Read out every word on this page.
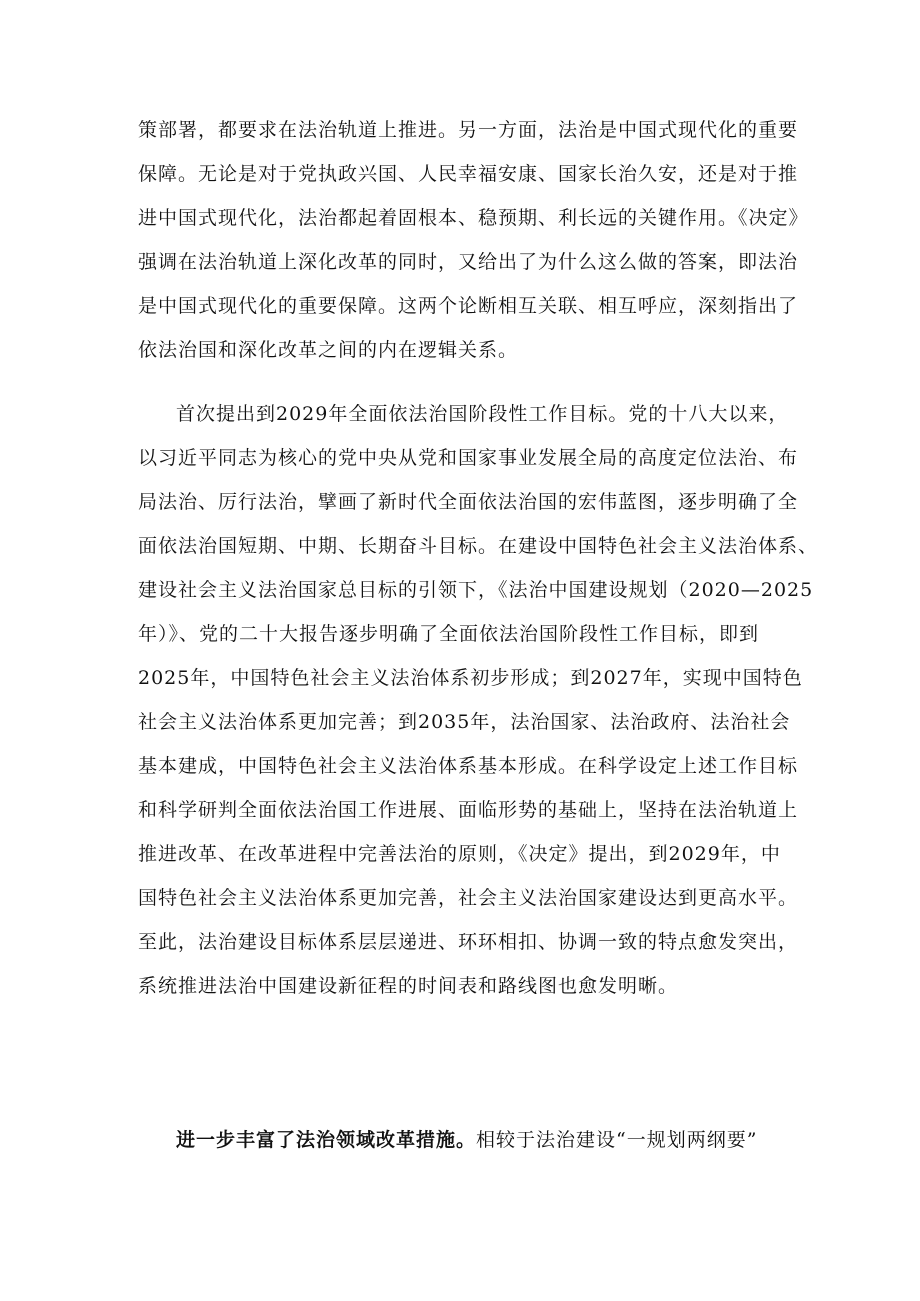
策部署，都要求在法治轨道上推进。另一方面，法治是中国式现代化的重要
保障。无论是对于党执政兴国、人民幸福安康、国家长治久安，还是对于推
进中国式现代化，法治都起着固根本、稳预期、利长远的关键作用。《决定》
强调在法治轨道上深化改革的同时，又给出了为什么这么做的答案，即法治
是中国式现代化的重要保障。这两个论断相互关联、相互呼应，深刻指出了
依法治国和深化改革之间的内在逻辑关系。
首次提出到2029年全面依法治国阶段性工作目标。党的十八大以来，
以习近平同志为核心的党中央从党和国家事业发展全局的高度定位法治、布
局法治、厉行法治，擘画了新时代全面依法治国的宏伟蓝图，逐步明确了全
面依法治国短期、中期、长期奋斗目标。在建设中国特色社会主义法治体系、
建设社会主义法治国家总目标的引领下，《法治中国建设规划（2020—2025
年）》、党的二十大报告逐步明确了全面依法治国阶段性工作目标，即到
2025年，中国特色社会主义法治体系初步形成；到2027年，实现中国特色
社会主义法治体系更加完善；到2035年，法治国家、法治政府、法治社会
基本建成，中国特色社会主义法治体系基本形成。在科学设定上述工作目标
和科学研判全面依法治国工作进展、面临形势的基础上，坚持在法治轨道上
推进改革、在改革进程中完善法治的原则，《决定》提出，到2029年，中
国特色社会主义法治体系更加完善，社会主义法治国家建设达到更高水平。
至此，法治建设目标体系层层递进、环环相扣、协调一致的特点愈发突出，
系统推进法治中国建设新征程的时间表和路线图也愈发明晰。
进一步丰富了法治领域改革措施。相较于法治建设“一规划两纲要”
